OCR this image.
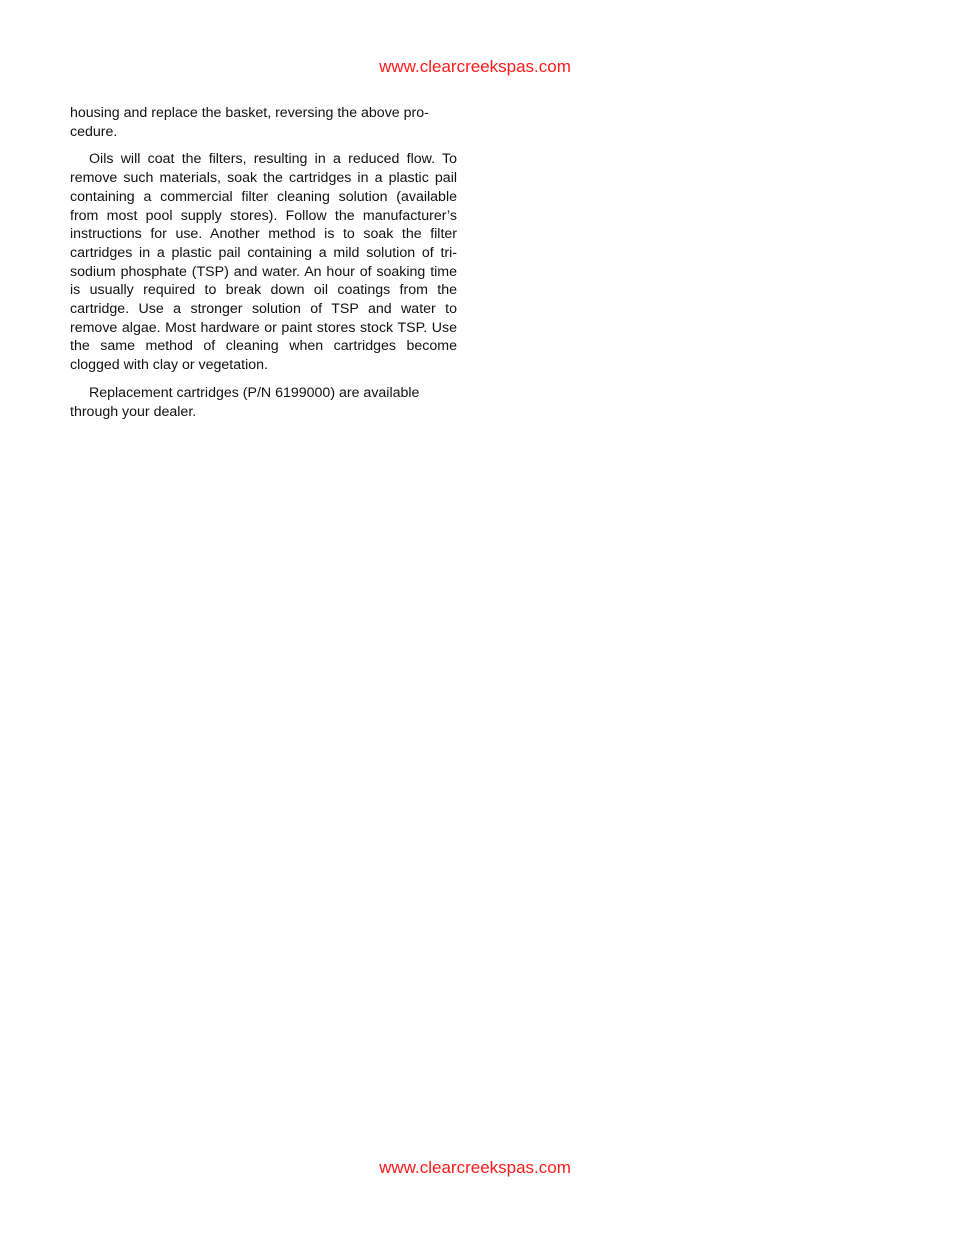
www.clearcreekspas.com

housing and replace the basket, reversing the above pro-cedure.

Oils will coat the filters, resulting in a reduced flow. To remove such materials, soak the cartridges in a plastic pail containing a commercial filter cleaning solution (available from most pool supply stores). Follow the manufacturer’s instructions for use. Another method is to soak the filter cartridges in a plastic pail containing a mild solution of tri-sodium phosphate (TSP) and water. An hour of soaking time is usually required to break down oil coatings from the cartridge. Use a stronger solution of TSP and water to remove algae. Most hardware or paint stores stock TSP. Use the same method of cleaning when cartridges become clogged with clay or vegetation.

Replacement cartridges (P/N 6199000) are available through your dealer.

www.clearcreekspas.com
